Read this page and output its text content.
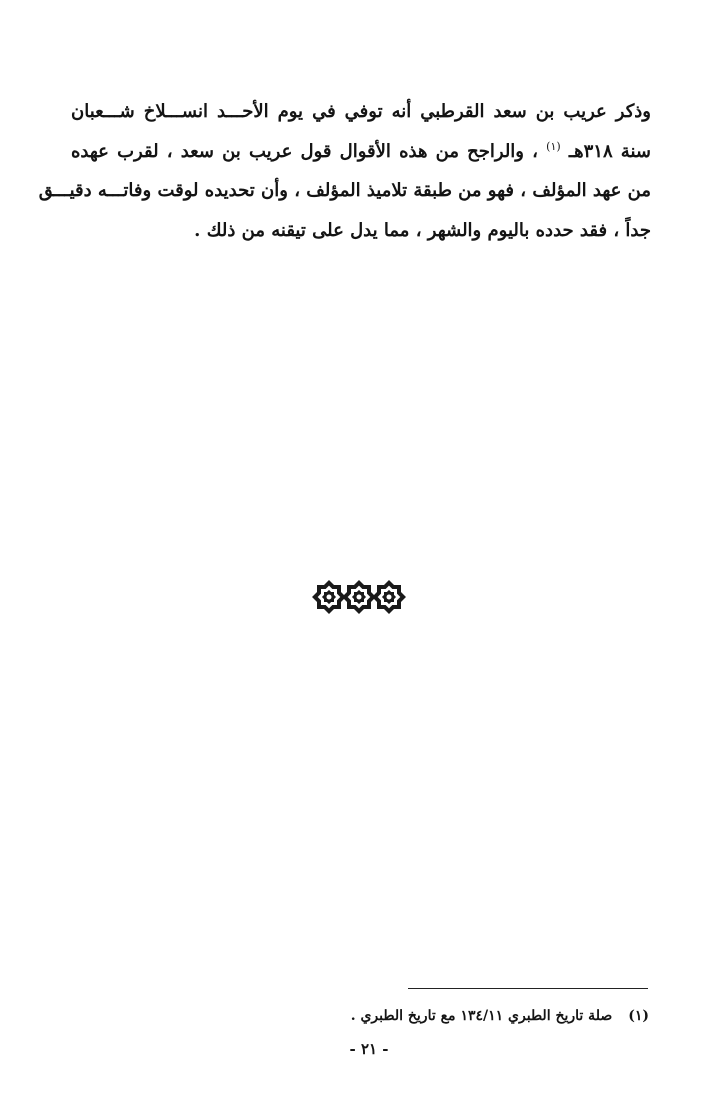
وذكر عريب بن سعد القرطبي أنه توفي في يوم الأحـــد انســـلاخ شـــعبان
سنة ٣١٨هـ $^{(١)}$ ، والراجح من هذه الأقوال قول عريب بن سعد ، لقرب عهده
من عهد المؤلف ، فهو من طبقة تلاميذ المؤلف ، وأن تحديده لوقت وفاتـــه دقيـــق
جداً ، فقد حدده باليوم والشهر ، مما يدل على تيقنه من ذلك .
(١)صلة تاريخ الطبري ١٣٤/١١ مع تاريخ الطبري .
- ٢١ -
